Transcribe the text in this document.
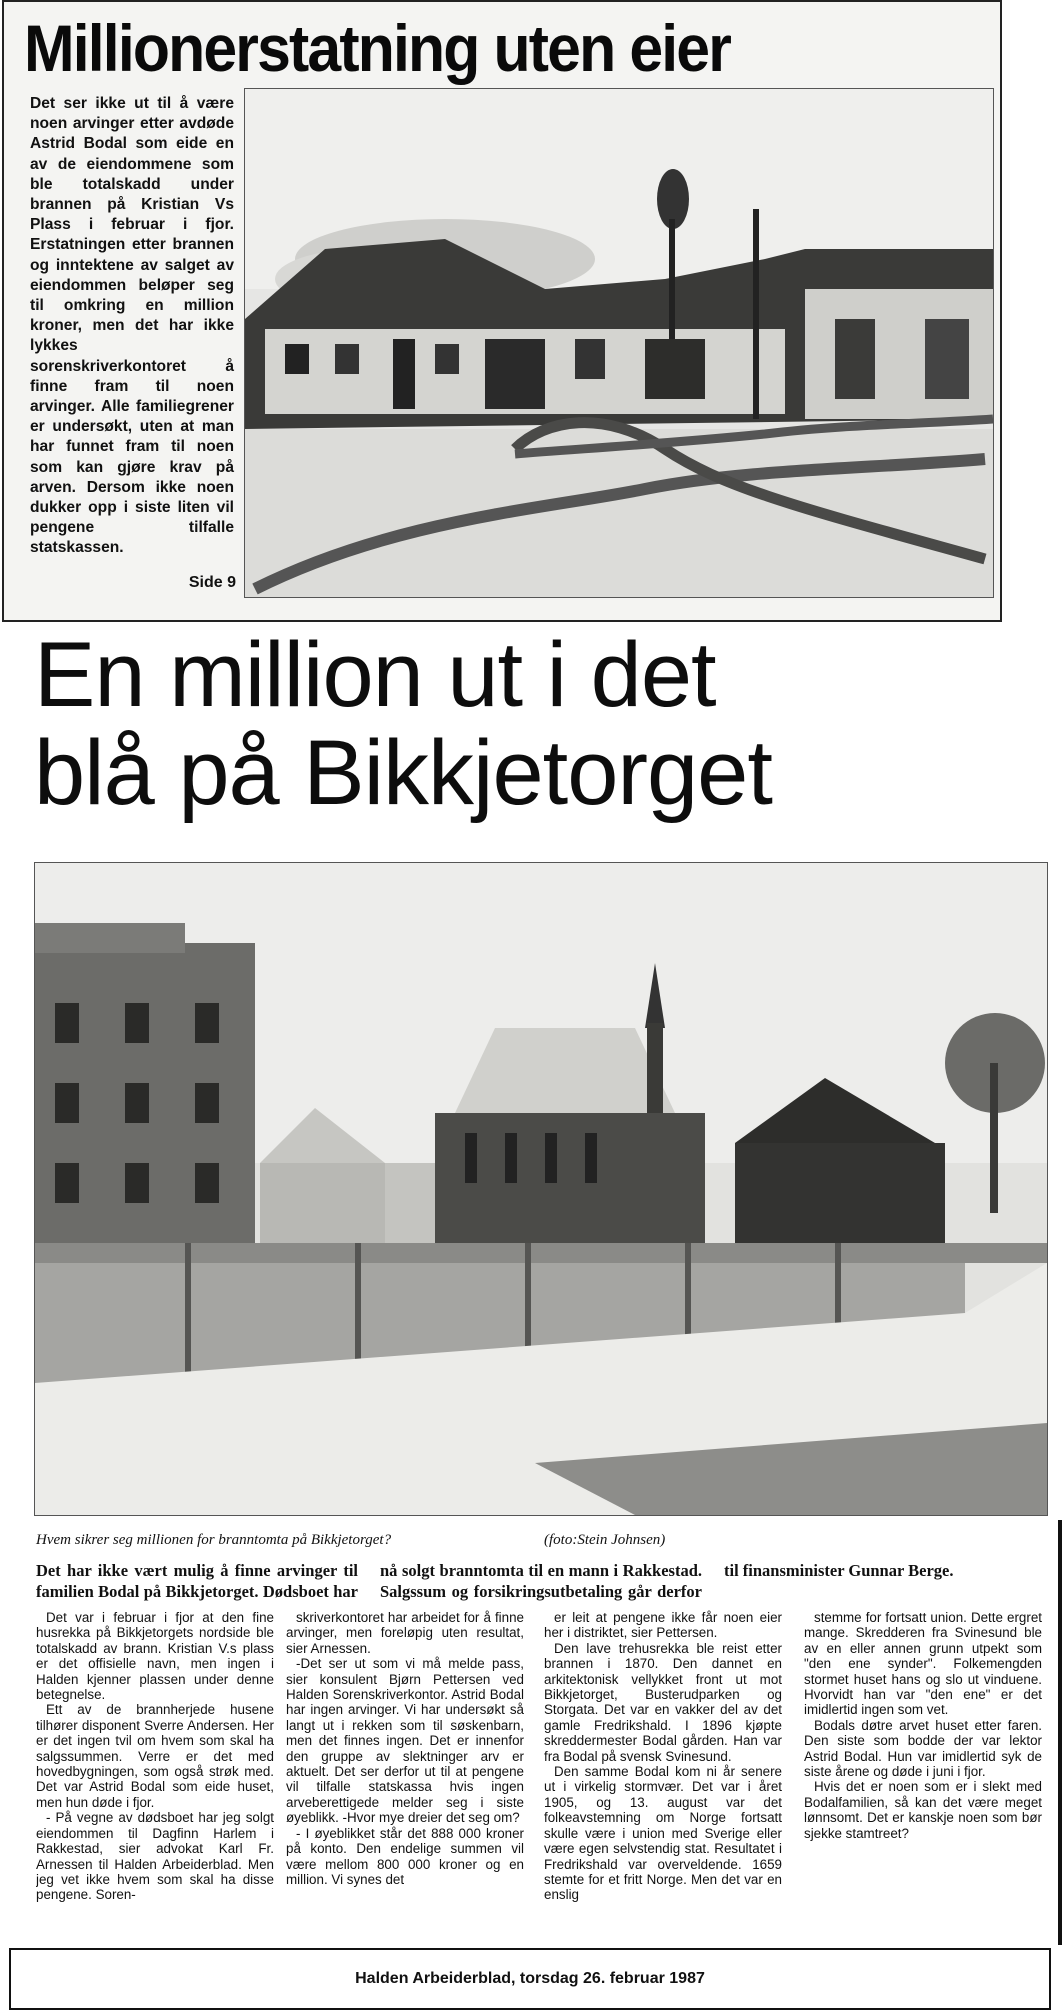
Millionerstatning uten eier
Det ser ikke ut til å være noen arvinger etter avdøde Astrid Bodal som eide en av de eiendommene som ble totalskadd under brannen på Kristian Vs Plass i februar i fjor. Erstatningen etter brannen og inntektene av salget av eiendommen beløper seg til omkring en million kroner, men det har ikke lykkes sorenskriverkontoret å finne fram til noen arvinger. Alle familiegrener er undersøkt, uten at man har funnet fram til noen som kan gjøre krav på arven. Dersom ikke noen dukker opp i siste liten vil pengene tilfalle statskassen.
Side 9
En million ut i det
blå på Bikkjetorget
Hvem sikrer seg millionen for branntomta på Bikkjetorget?	(foto:Stein Johnsen)
Det har ikke vært mulig å finne arvinger til familien Bodal på Bikkjetorget. Dødsboet har nå solgt branntomta til en mann i Rakkestad. Salgssum og forsikringsutbetaling går derfor til finansminister Gunnar Berge.

Det var i februar i fjor at den fine husrekka på Bikkjetorgets nordside ble totalskadd av brann. Kristian V.s plass er det offisielle navn, men ingen i Halden kjenner plassen under denne betegnelse.

Ett av de brannherjede husene tilhører disponent Sverre Andersen. Her er det ingen tvil om hvem som skal ha salgssummen. Verre er det med hovedbygningen, som også strøk med. Det var Astrid Bodal som eide huset, men hun døde i fjor.

- På vegne av dødsboet har jeg solgt eiendommen til Dagfinn Harlem i Rakkestad, sier advokat Karl Fr. Arnessen til Halden Arbeiderblad. Men jeg vet ikke hvem som skal ha disse pengene. Soren-

skriverkontoret har arbeidet for å finne arvinger, men foreløpig uten resultat, sier Arnessen.

-Det ser ut som vi må melde pass, sier konsulent Bjørn Pettersen ved Halden Sorenskriverkontor. Astrid Bodal har ingen arvinger. Vi har undersøkt så langt ut i rekken som til søskenbarn, men det finnes ingen. Det er innenfor den gruppe av slektninger arv er aktuelt. Det ser derfor ut til at pengene vil tilfalle statskassa hvis ingen arveberettigede melder seg i siste øyeblikk. -Hvor mye dreier det seg om?

- I øyeblikket står det 888 000 kroner på konto. Den endelige summen vil være mellom 800 000 kroner og en million. Vi synes det

er leit at pengene ikke får noen eier her i distriktet, sier Pettersen.

Den lave trehusrekka ble reist etter brannen i 1870. Den dannet en arkitektonisk vellykket front ut mot Bikkjetorget, Busterudparken og Storgata. Det var en vakker del av det gamle Fredrikshald. I 1896 kjøpte skreddermester Bodal gården. Han var fra Bodal på svensk Svinesund.

Den samme Bodal kom ni år senere ut i virkelig stormvær. Det var i året 1905, og 13. august var det folkeavstemning om Norge fortsatt skulle være i union med Sverige eller være egen selvstendig stat. Resultatet i Fredrikshald var overveldende. 1659 stemte for et fritt Norge. Men det var en enslig

stemme for fortsatt union. Dette ergret mange. Skredderen fra Svinesund ble av en eller annen grunn utpekt som "den ene synder". Folkemengden stormet huset hans og slo ut vinduene. Hvorvidt han var "den ene" er det imidlertid ingen som vet.

Bodals døtre arvet huset etter faren. Den siste som bodde der var lektor Astrid Bodal. Hun var imidlertid syk de siste årene og døde i juni i fjor.

Hvis det er noen som er i slekt med Bodalfamilien, så kan det være meget lønnsomt. Det er kanskje noen som bør sjekke stamtreet?

Halden Arbeiderblad, torsdag 26. februar 1987
